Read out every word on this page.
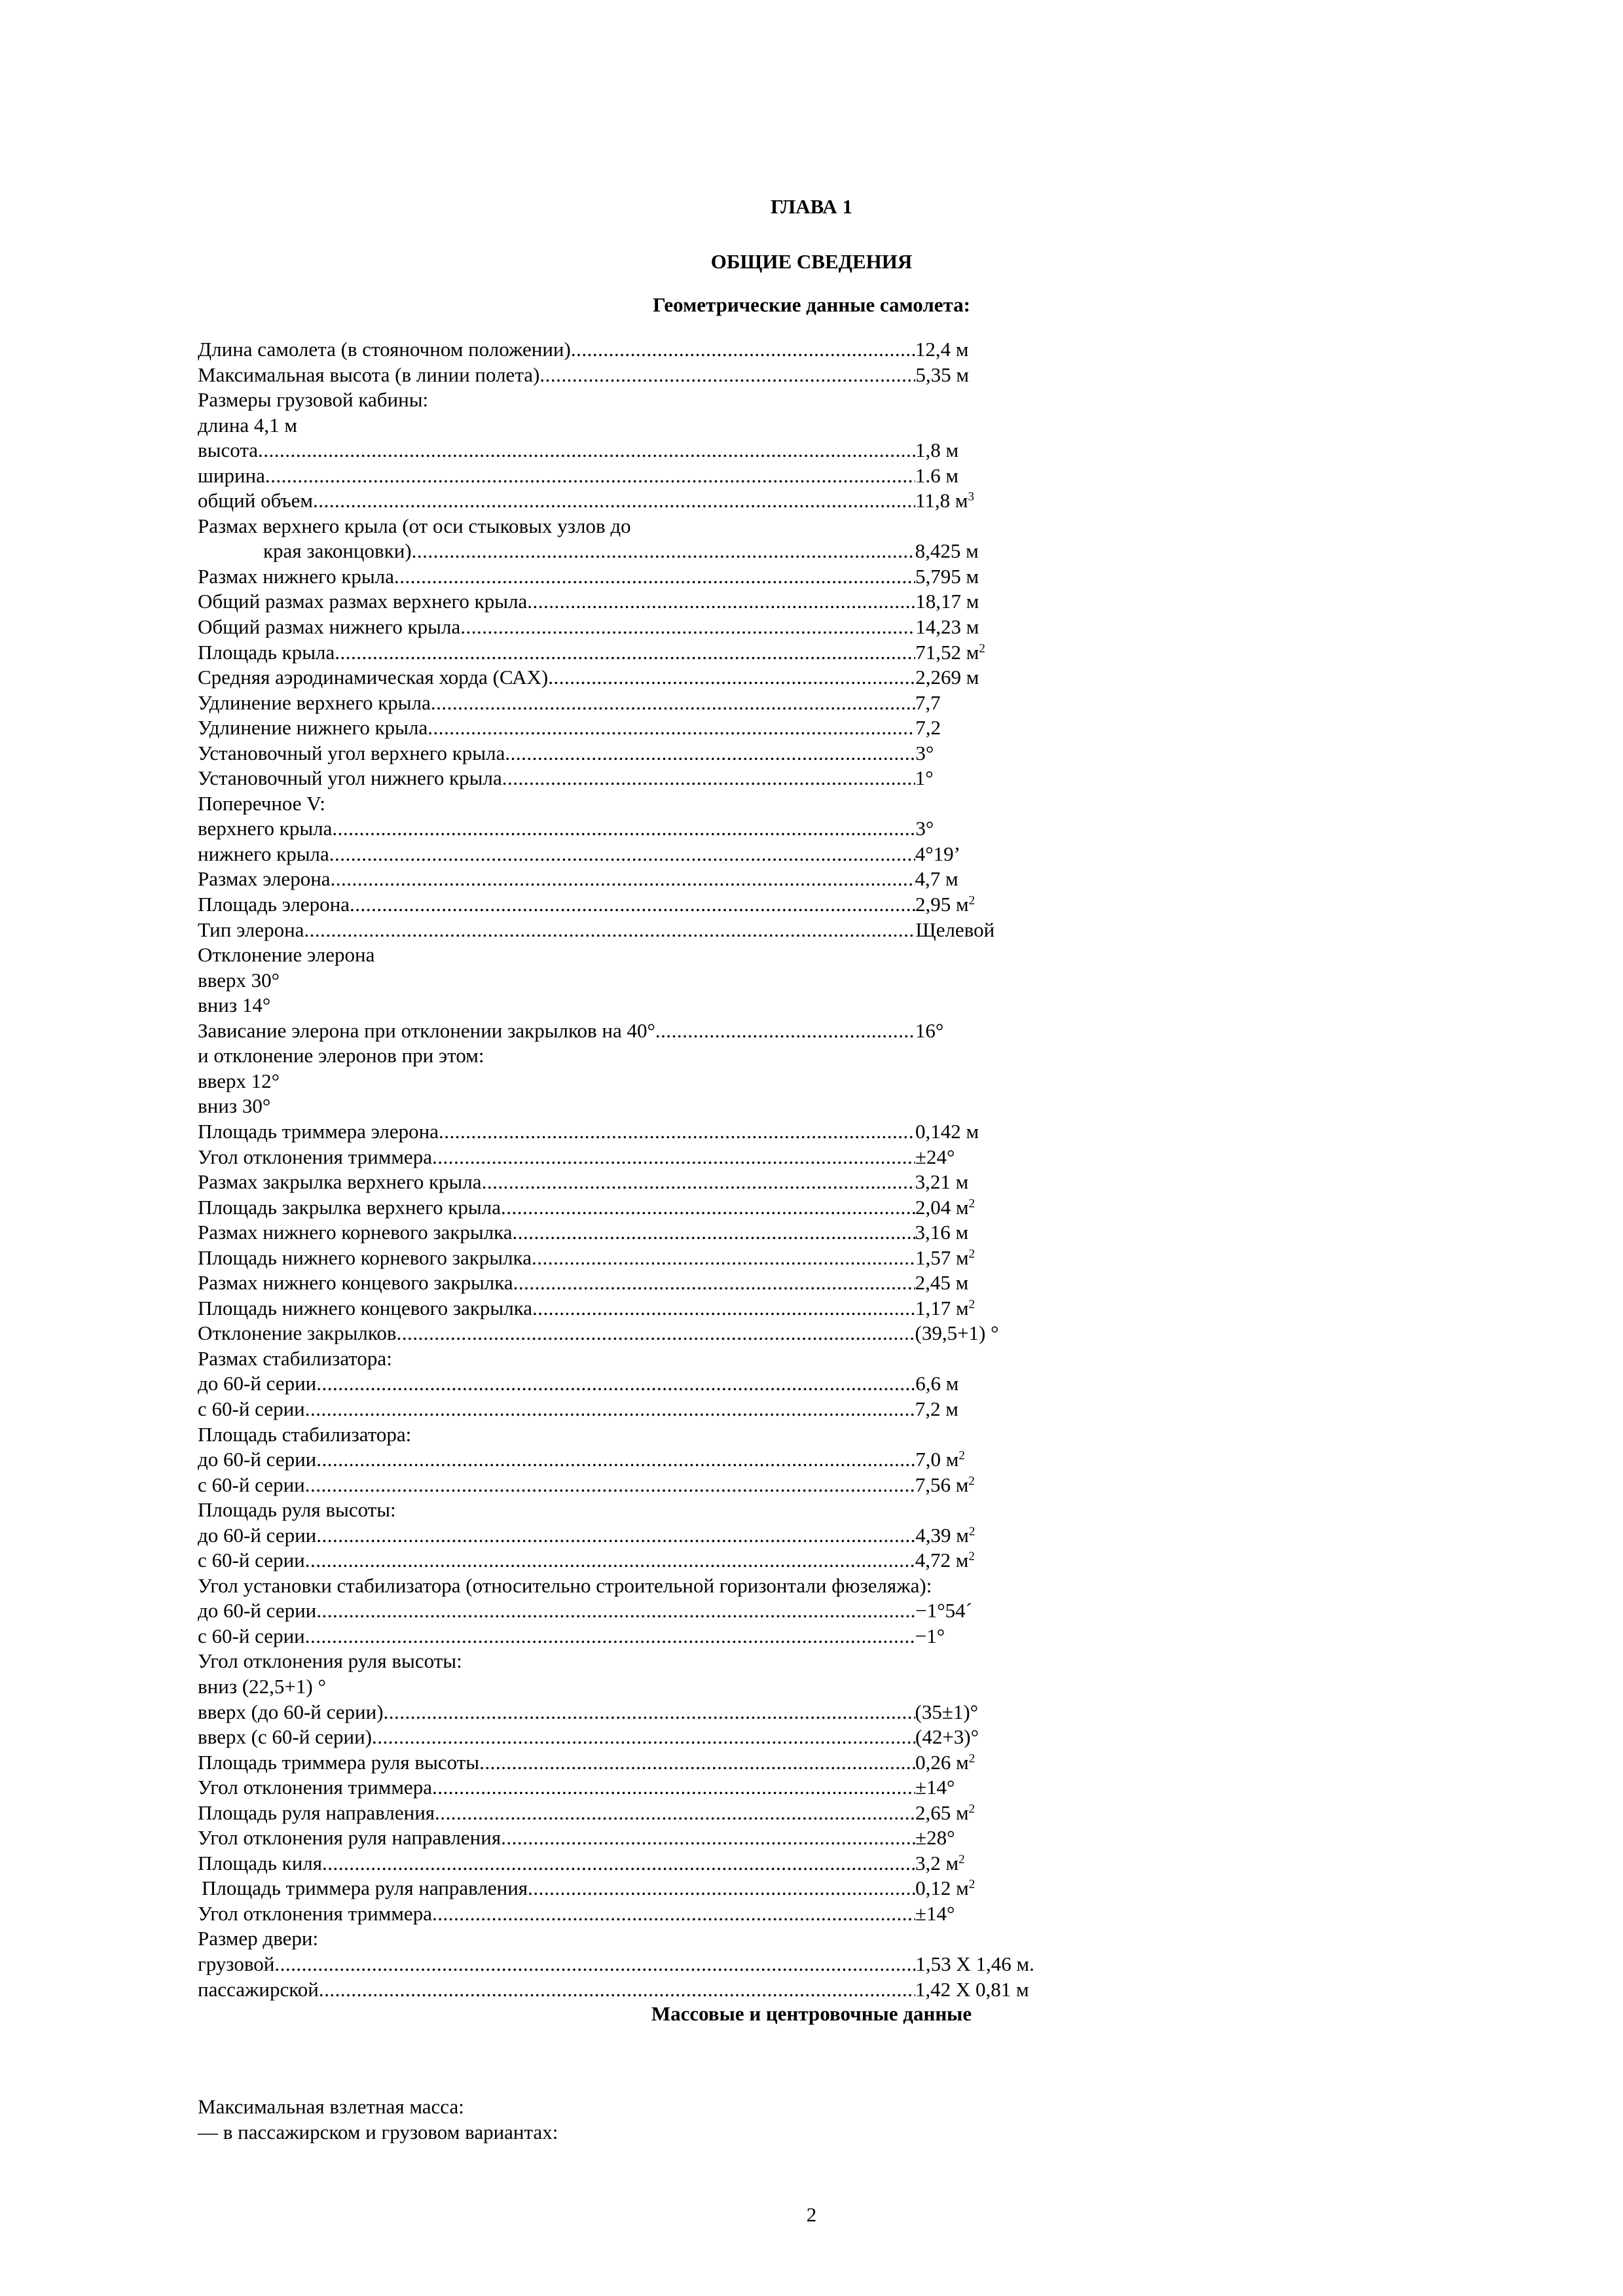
ГЛАВА 1
ОБЩИЕ СВЕДЕНИЯ
Геометрические данные самолета:
Длина самолета (в стояночном положении) .....	12,4 м
Максимальная высота (в линии полета) .....	5,35 м
Размеры грузовой кабины:
длина 4,1 м
высота .....	1,8 м
ширина .....	1.6 м
общий объем .....	11,8 $м^3$
Размах верхнего крыла (от оси стыковых узлов до
края законцовки) .....	8,425 м
Размах нижнего крыла .....	5,795 м
Общий размах размах верхнего крыла .....	18,17 м
Общий размах нижнего крыла .....	14,23 м
Площадь крыла .....	71,52 $м^2$
Средняя аэродинамическая хорда (САХ) .....	2,269 м
Удлинение верхнего крыла .....	7,7
Удлинение нижнего крыла .....	7,2
Установочный угол верхнего крыла .....	3°
Установочный угол нижнего крыла .....	1°
Поперечное V:
верхнего крыла .....	3°
нижнего крыла .....	4°19’
Размах элерона .....	4,7 м
Площадь элерона .....	2,95 $м^2$
Тип элерона .....	Щелевой
Отклонение элерона
вверх 30°
вниз 14°
Зависание элерона при отклонении закрылков на 40° .....	16°
и отклонение элеронов при этом:
вверх 12°
вниз 30°
Площадь триммера элерона .....	0,142 м
Угол отклонения триммера .....	±24°
Размах закрылка верхнего крыла .....	3,21 м
Площадь закрылка верхнего крыла .....	2,04 $м^2$
Размах нижнего корневого закрылка .....	3,16 м
Площадь нижнего корневого закрылка .....	1,57 $м^2$
Размах нижнего концевого закрылка .....	2,45 м
Площадь нижнего концевого закрылка .....	1,17 $м^2$
Отклонение закрылков .....	(39,5+1) °
Размах стабилизатора:
до 60-й серии .....	6,6 м
с 60-й серии .....	7,2 м
Площадь стабилизатора:
до 60-й серии .....	7,0 $м^2$
с 60-й серии .....	7,56 $м^2$
Площадь руля высоты:
до 60-й серии .....	4,39 $м^2$
с 60-й серии .....	4,72 $м^2$
Угол установки стабилизатора (относительно строительной горизонтали фюзеляжа):
до 60-й серии .....	−1°54´
с 60-й серии .....	−1°
Угол отклонения руля высоты:
вниз (22,5+1) °
вверх (до 60-й серии) .....	(35±1)°
вверх (с 60-й серии) .....	(42+3)°
Площадь триммера руля высоты .....	0,26 $м^2$
Угол отклонения триммера .....	±14°
Площадь руля направления .....	2,65 $м^2$
Угол отклонения руля направления .....	±28°
Площадь киля .....	3,2 $м^2$
Площадь триммера руля направления .....	0,12 $м^2$
Угол отклонения триммера .....	±14°
Размер двери:
грузовой .....	1,53 Х 1,46 м.
пассажирской .....	1,42 Х 0,81 м
Массовые и центровочные данные
Максимальная взлетная масса:
— в пассажирском и грузовом вариантах:
2
